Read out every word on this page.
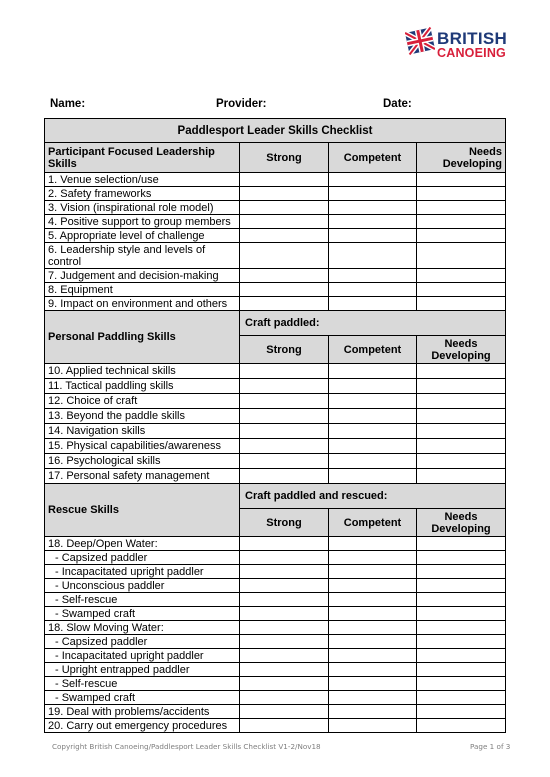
BRITISH
CANOEING
Name:	Provider:	Date:
Paddlesport Leader Skills Checklist			
Participant Focused Leadership Skills	Strong	Competent	Needs Developing
1. Venue selection/use			
2. Safety frameworks			
3. Vision (inspirational role model)			
4. Positive support to group members			
5. Appropriate level of challenge			
6. Leadership style and levels of control			
7. Judgement and decision-making			
8. Equipment			
9. Impact on environment and others			
Personal Paddling Skills	Craft paddled:		
	Strong	Competent	Needs Developing
10. Applied technical skills			
11. Tactical paddling skills			
12. Choice of craft			
13. Beyond the paddle skills			
14. Navigation skills			
15. Physical capabilities/awareness			
16. Psychological skills			
17. Personal safety management			
Rescue Skills	Craft paddled and rescued:		
	Strong	Competent	Needs Developing
18. Deep/Open Water:			
- Capsized paddler			
- Incapacitated upright paddler			
- Unconscious paddler			
- Self-rescue			
- Swamped craft			
18. Slow Moving Water:			
- Capsized paddler			
- Incapacitated upright paddler			
- Upright entrapped paddler			
- Self-rescue			
- Swamped craft			
19. Deal with problems/accidents			
20. Carry out emergency procedures			
Copyright British Canoeing/Paddlesport Leader Skills Checklist V1-2/Nov18	Page 1 of 3
